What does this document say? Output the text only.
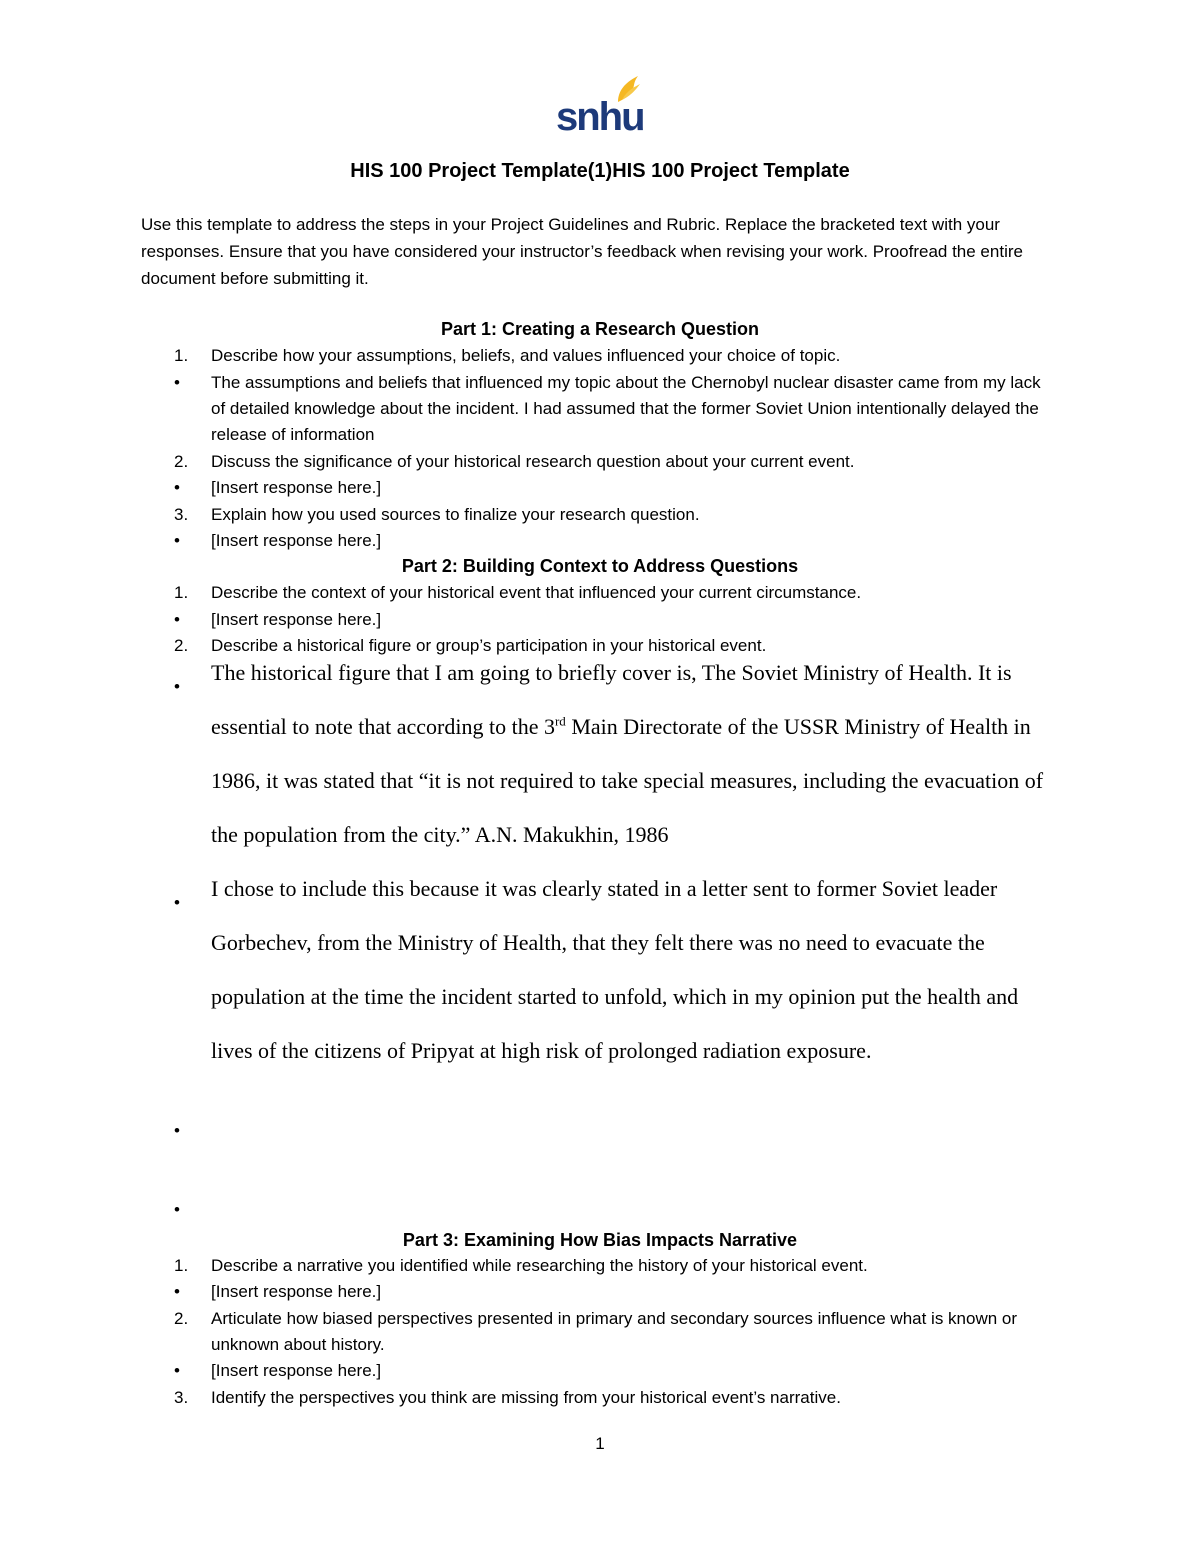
snhu
HIS 100 Project Template(1)HIS 100 Project Template
Use this template to address the steps in your Project Guidelines and Rubric. Replace the bracketed text with your responses. Ensure that you have considered your instructor’s feedback when revising your work. Proofread the entire document before submitting it.
Part 1: Creating a Research Question
1.	Describe how your assumptions, beliefs, and values influenced your choice of topic.
•	The assumptions and beliefs that influenced my topic about the Chernobyl nuclear disaster came from my lack of detailed knowledge about the incident. I had assumed that the former Soviet Union intentionally delayed the release of information
2.	Discuss the significance of your historical research question about your current event.
•	[Insert response here.]
3.	Explain how you used sources to finalize your research question.
•	[Insert response here.]
Part 2: Building Context to Address Questions
1.	Describe the context of your historical event that influenced your current circumstance.
•	[Insert response here.]
2.	Describe a historical figure or group’s participation in your historical event.
•
The historical figure that I am going to briefly cover is, The Soviet Ministry of Health. It is essential to note that according to the 3rd Main Directorate of the USSR Ministry of Health in 1986, it was stated that “it is not required to take special measures, including the evacuation of the population from the city.” A.N. Makukhin, 1986
•
I chose to include this because it was clearly stated in a letter sent to former Soviet leader Gorbechev, from the Ministry of Health, that they felt there was no need to evacuate the population at the time the incident started to unfold, which in my opinion put the health and lives of the citizens of Pripyat at high risk of prolonged radiation exposure.
•
•
Part 3: Examining How Bias Impacts Narrative
1.	Describe a narrative you identified while researching the history of your historical event.
•	[Insert response here.]
2.	Articulate how biased perspectives presented in primary and secondary sources influence what is known or unknown about history.
•	[Insert response here.]
3.	Identify the perspectives you think are missing from your historical event’s narrative.
1
